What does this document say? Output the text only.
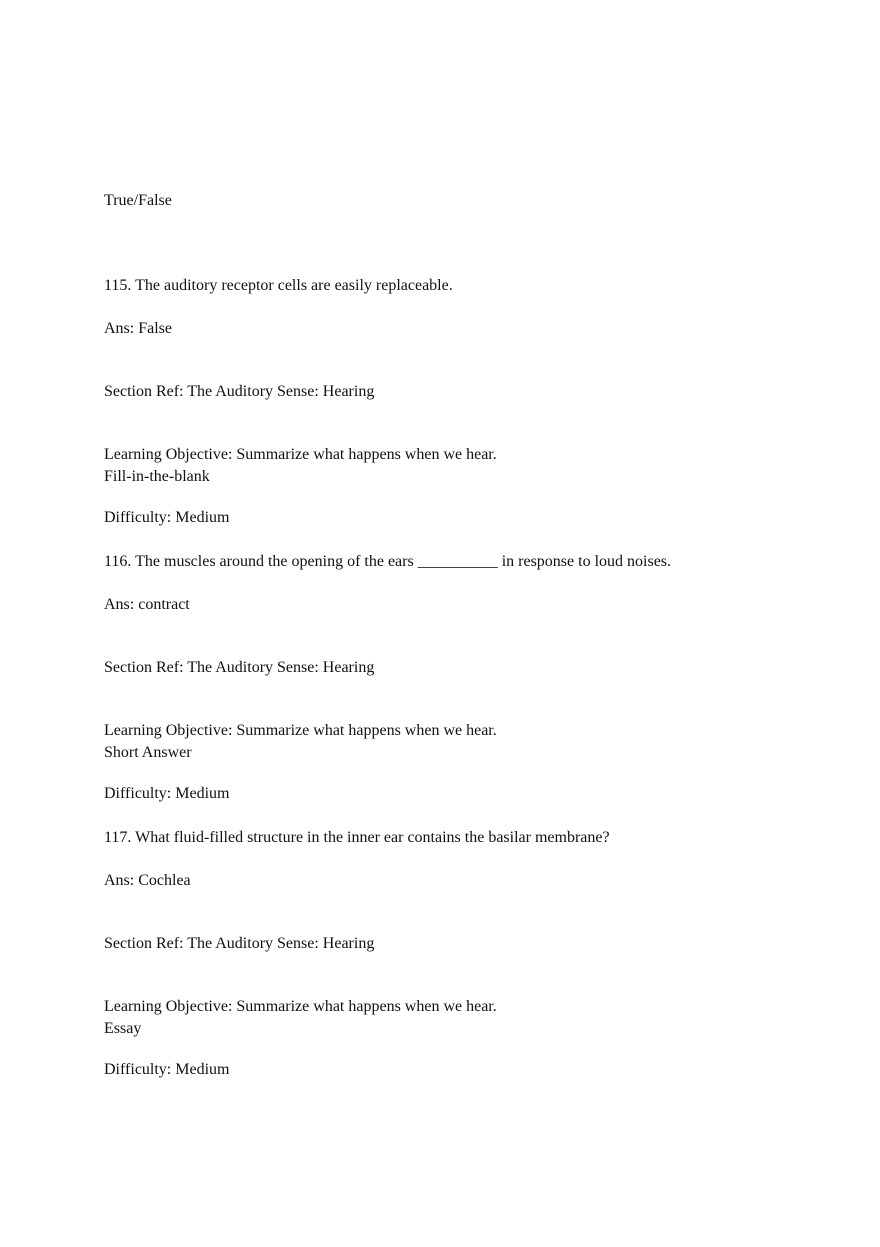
True/False

115. The auditory receptor cells are easily replaceable.

Ans: False

Section Ref: The Auditory Sense: Hearing

Learning Objective: Summarize what happens when we hear.

Difficulty: Medium

Fill-in-the-blank

116. The muscles around the opening of the ears __________ in response to loud noises.

Ans: contract

Section Ref: The Auditory Sense: Hearing

Learning Objective: Summarize what happens when we hear.

Difficulty: Medium

Short Answer

117. What fluid-filled structure in the inner ear contains the basilar membrane?

Ans: Cochlea

Section Ref: The Auditory Sense: Hearing

Learning Objective: Summarize what happens when we hear.

Difficulty: Medium

Essay
